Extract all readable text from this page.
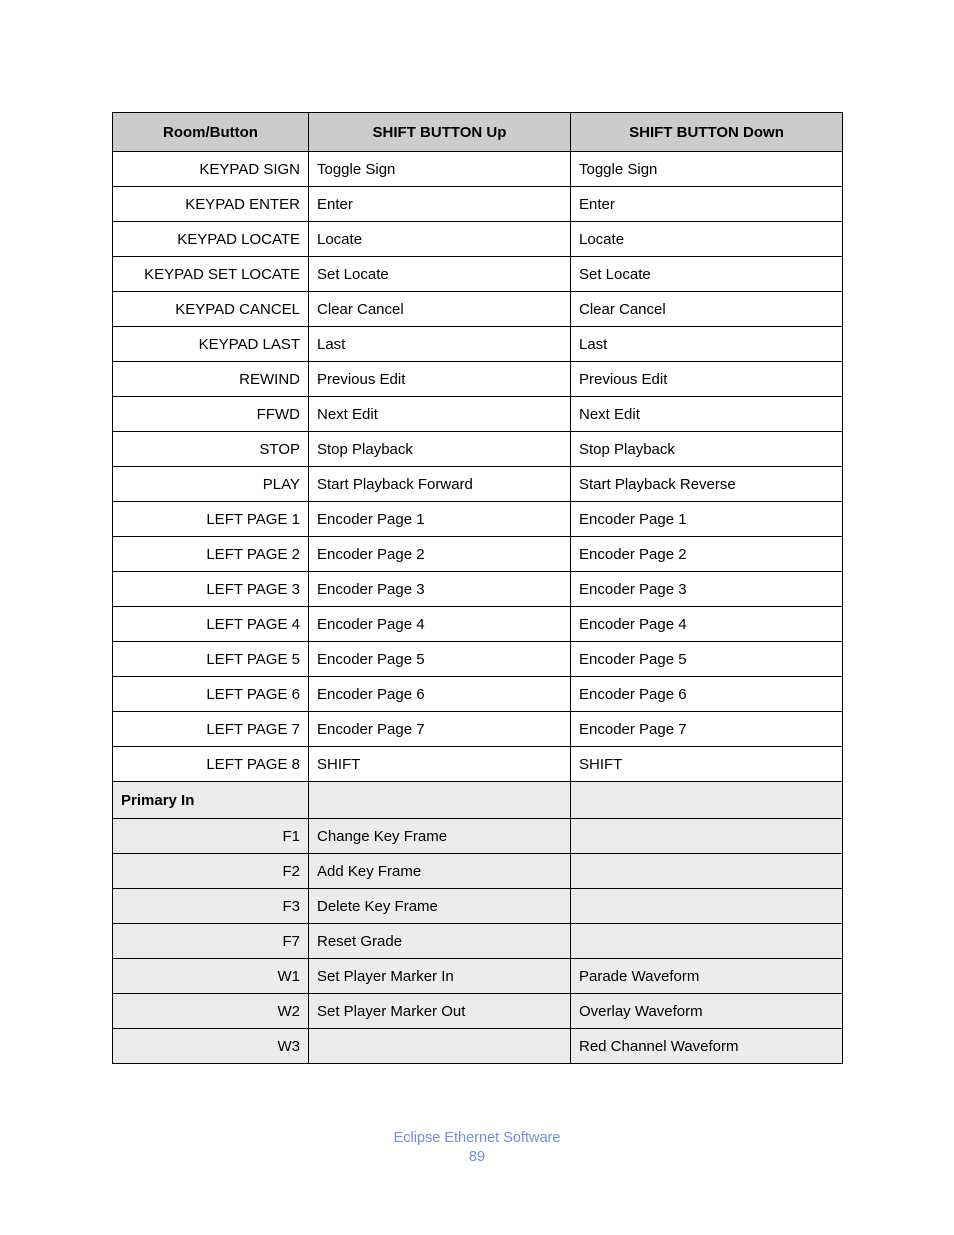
Room/Button	SHIFT BUTTON Up	SHIFT BUTTON Down
KEYPAD SIGN	Toggle Sign	Toggle Sign
KEYPAD ENTER	Enter	Enter
KEYPAD LOCATE	Locate	Locate
KEYPAD SET LOCATE	Set Locate	Set Locate
KEYPAD CANCEL	Clear Cancel	Clear Cancel
KEYPAD LAST	Last	Last
REWIND	Previous Edit	Previous Edit
FFWD	Next Edit	Next Edit
STOP	Stop Playback	Stop Playback
PLAY	Start Playback Forward	Start Playback Reverse
LEFT PAGE 1	Encoder Page 1	Encoder Page 1
LEFT PAGE 2	Encoder Page 2	Encoder Page 2
LEFT PAGE 3	Encoder Page 3	Encoder Page 3
LEFT PAGE 4	Encoder Page 4	Encoder Page 4
LEFT PAGE 5	Encoder Page 5	Encoder Page 5
LEFT PAGE 6	Encoder Page 6	Encoder Page 6
LEFT PAGE 7	Encoder Page 7	Encoder Page 7
LEFT PAGE 8	SHIFT	SHIFT
Primary In		
F1	Change Key Frame	
F2	Add Key Frame	
F3	Delete Key Frame	
F7	Reset Grade	
W1	Set Player Marker In	Parade Waveform
W2	Set Player Marker Out	Overlay Waveform
W3		Red Channel Waveform
Eclipse Ethernet Software
89
